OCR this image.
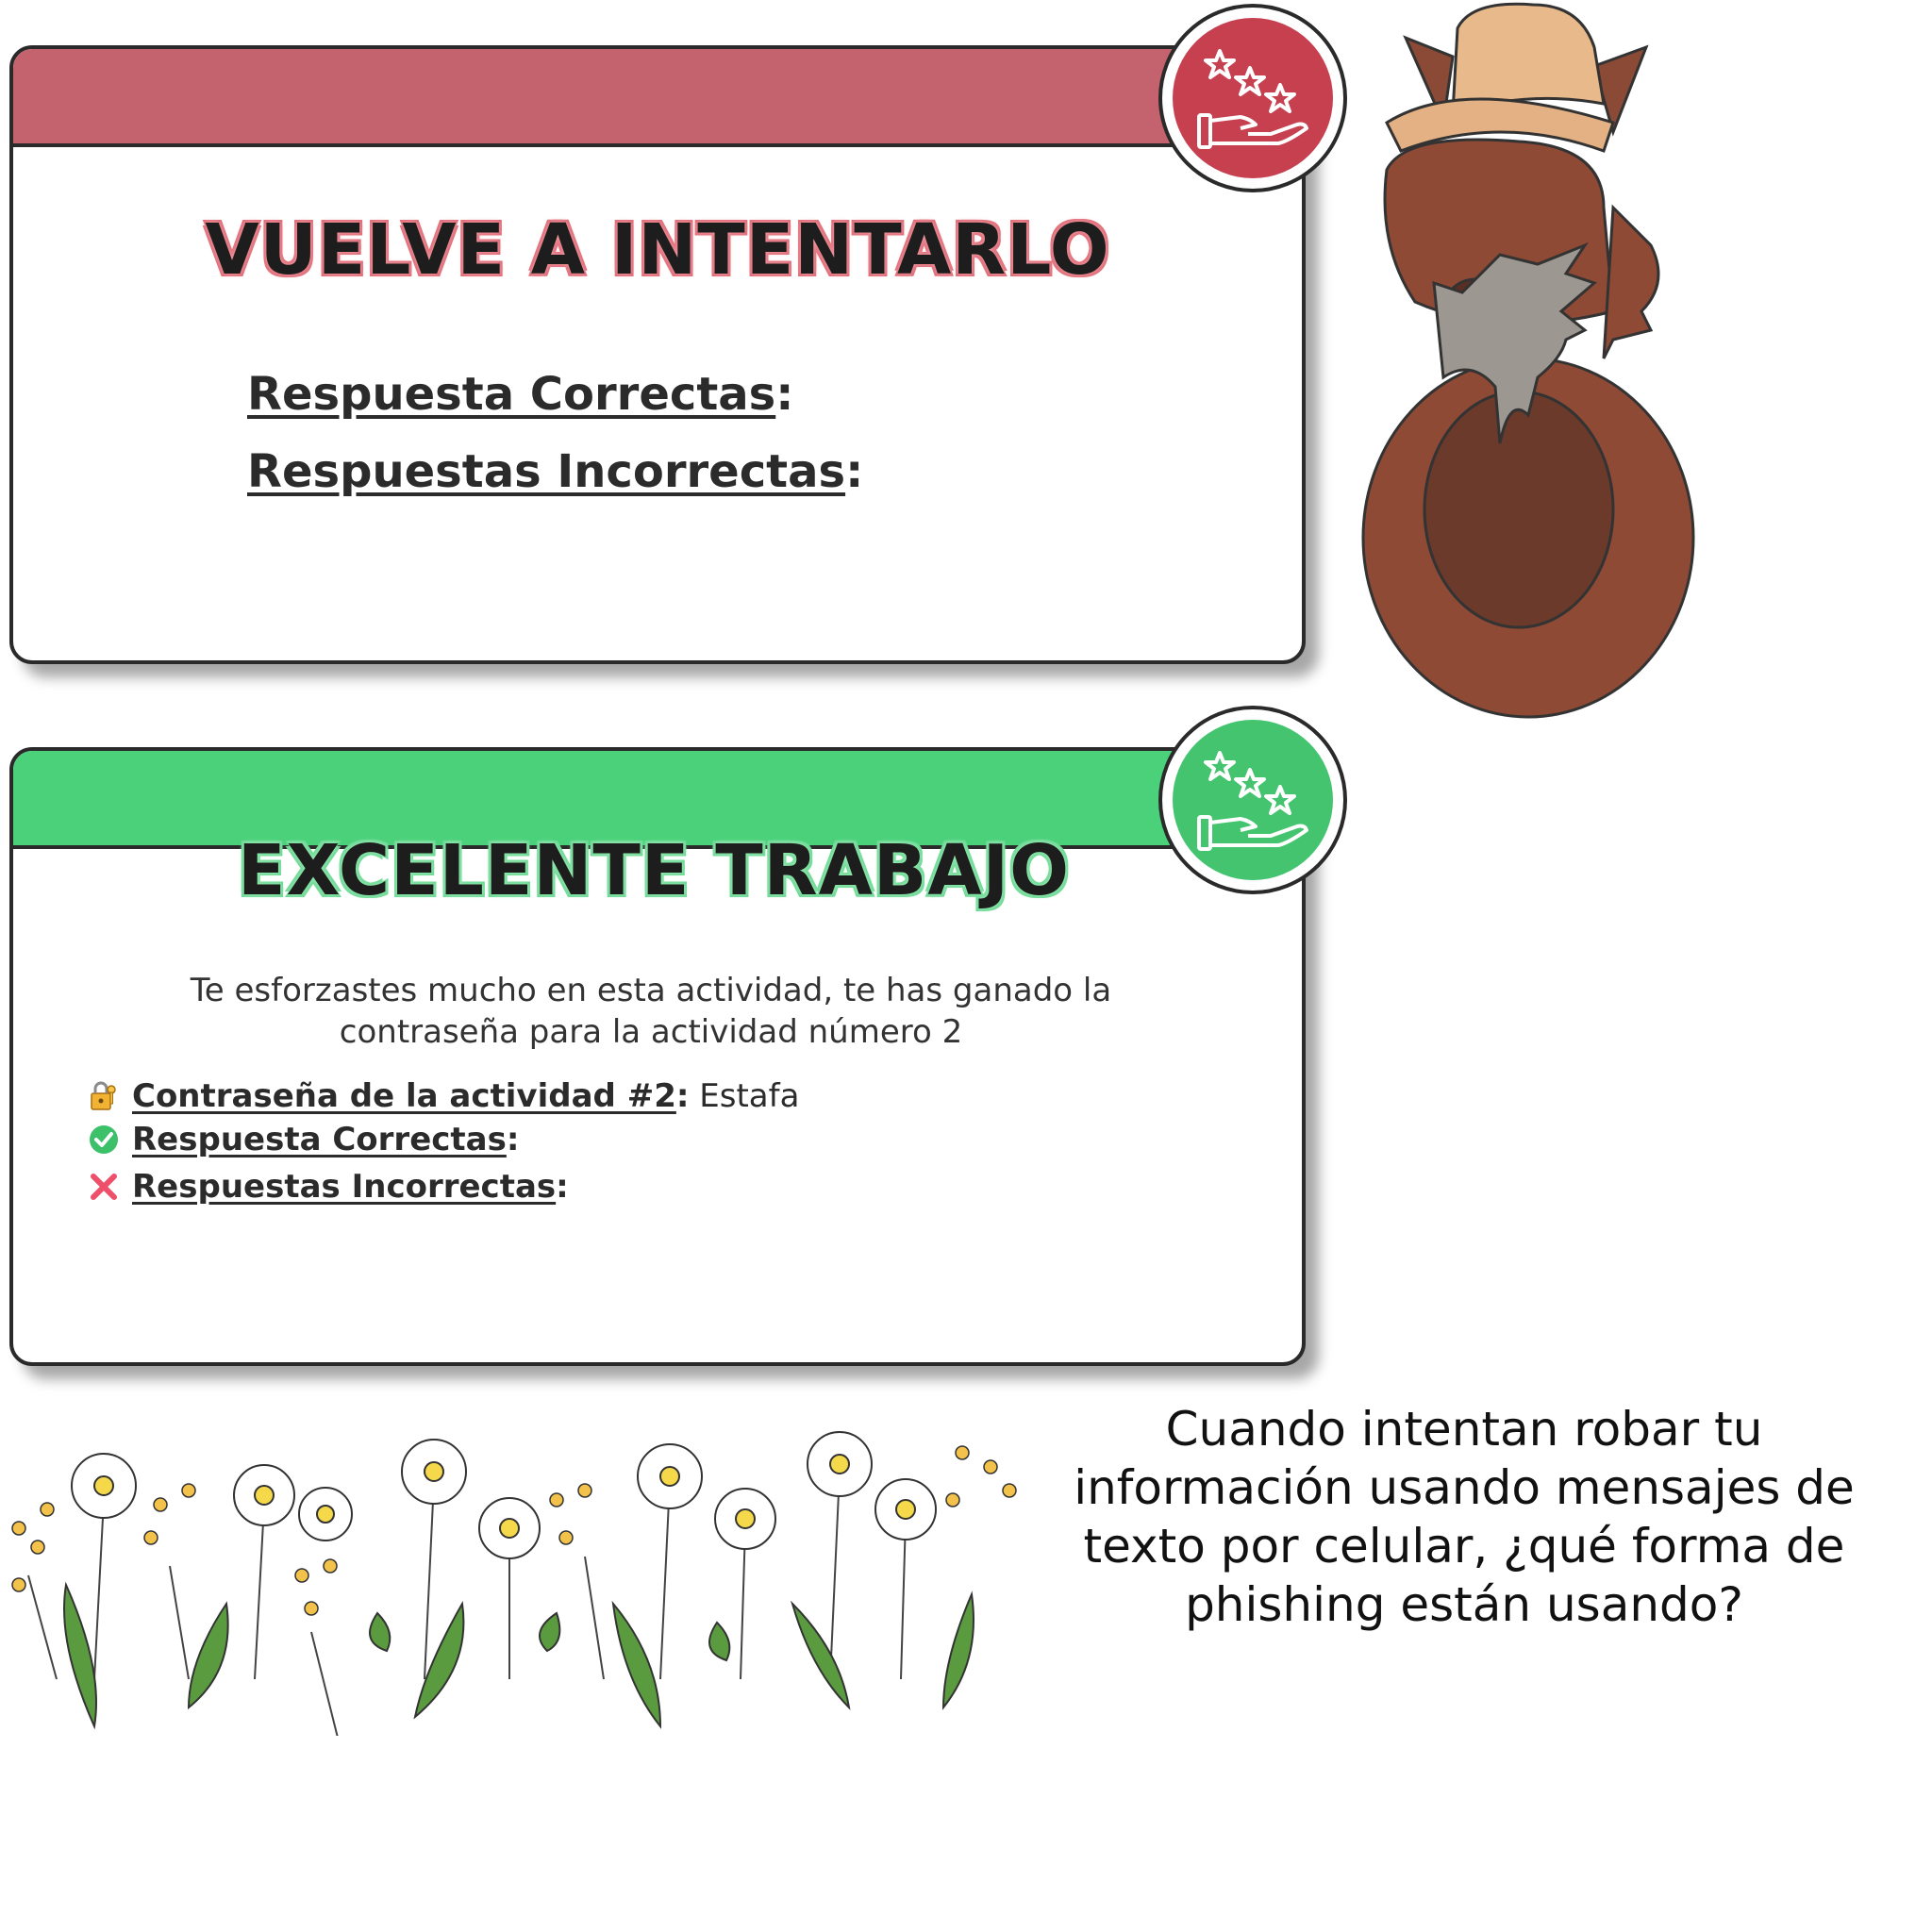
VUELVE A INTENTARLO
Respuesta Correctas:
Respuestas Incorrectas:
EXCELENTE TRABAJO
Te esforzastes mucho en esta actividad, te has ganado la contraseña para la actividad número 2
Contraseña de la actividad #2 :
Estafa
Respuesta Correctas:
Respuestas Incorrectas:
Cuando intentan robar tu información usando mensajes de texto por celular, ¿qué forma de phishing están usando?
